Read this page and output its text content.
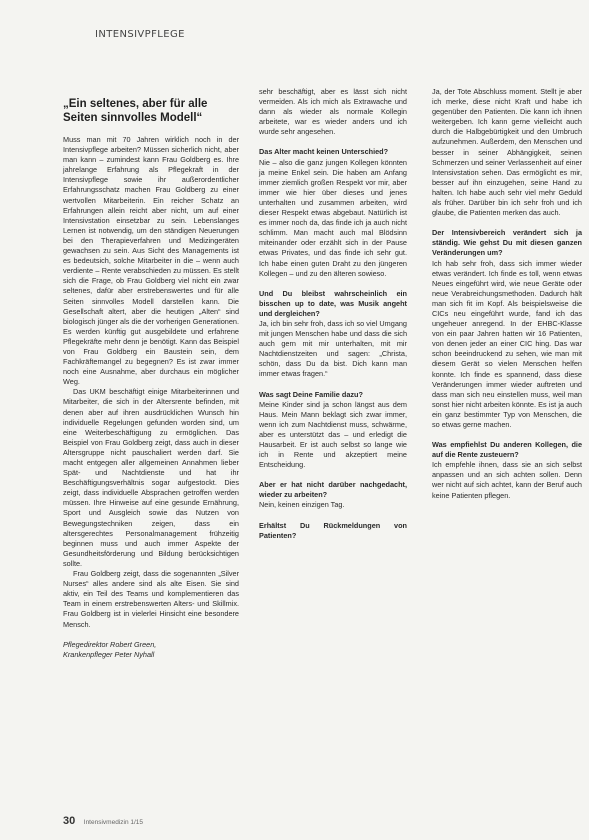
INTENSIVPFLEGE
„Ein seltenes, aber für alle Seiten sinnvolles Modell“

Muss man mit 70 Jahren wirklich noch in der Intensivpflege arbeiten? Müssen sicherlich nicht, aber man kann – zumindest kann Frau Goldberg es. Ihre jahrelange Erfahrung als Pflegekraft in der Intensivpflege sowie ihr außerordentlicher Erfahrungsschatz machen Frau Goldberg zu einer wertvollen Mitarbeiterin. Ein reicher Schatz an Erfahrungen allein reicht aber nicht, um auf einer Intensivstation einsetzbar zu sein. Lebenslanges Lernen ist notwendig, um den ständigen Neuerungen bei den Therapieverfahren und Medizingeräten gewachsen zu sein. Aus Sicht des Managements ist es bedeutsich, solche Mitarbeiter in die – wenn auch verdiente – Rente verabschieden zu müssen. Es stellt sich die Frage, ob Frau Goldberg viel nicht ein zwar seltenes, dafür aber erstrebenswertes und für alle Seiten sinnvolles Modell darstellen kann. Die Gesellschaft altert, aber die heutigen „Alten“ sind biologisch jünger als die der vorherigen Generationen. Es werden künftig gut ausgebildete und erfahrene Pflegekräfte mehr denn je benötigt. Kann das Beispiel von Frau Goldberg ein Baustein sein, dem Fachkräftemangel zu begegnen? Es ist zwar immer noch eine Ausnahme, aber durchaus ein möglicher Weg.

Das UKM beschäftigt einige Mitarbeiterinnen und Mitarbeiter, die sich in der Altersrente befinden, mit denen aber auf ihren ausdrücklichen Wunsch hin individuelle Regelungen gefunden worden sind, um eine Weiterbeschäftigung zu ermöglichen. Das Beispiel von Frau Goldberg zeigt, dass auch in dieser Altersgruppe nicht pauschaliert werden darf. Sie macht entgegen aller allgemeinen Annahmen lieber Spät- und Nachtdienste und hat ihr Beschäftigungsverhältnis sogar aufgestockt. Dies zeigt, dass individuelle Absprachen getroffen werden müssen. Ihre Hinweise auf eine gesunde Ernährung, Sport und Ausgleich sowie das Nutzen von Bewegungstechniken zeigen, dass ein altersgerechtes Personalmanagement frühzeitig beginnen muss und auch immer Aspekte der Gesundheitsförderung und Bildung berücksichtigen sollte.

Frau Goldberg zeigt, dass die sogenannten „Silver Nurses“ alles andere sind als alte Eisen. Sie sind aktiv, ein Teil des Teams und komplementieren das Team in einem erstrebenswerten Alters- und Skillmix. Frau Goldberg ist in vielerlei Hinsicht eine besondere Mensch.

Pflegedirektor Robert Green,
Krankenpfleger Peter Nyhall

sehr beschäftigt, aber es lässt sich nicht vermeiden. Als ich mich als Extrawache und dann als wieder als normale Kollegin arbeitete, war es wieder anders und ich wurde sehr angesehen.

Das Alter macht keinen Unterschied?

Nie – also die ganz jungen Kollegen könnten ja meine Enkel sein. Die haben am Anfang immer ziemlich großen Respekt vor mir, aber immer wie hier über dieses und jenes unterhalten und zusammen arbeiten, wird dieser Respekt etwas abgebaut. Natürlich ist es immer noch da, das finde ich ja auch nicht schlimm. Man macht auch mal Blödsinn miteinander oder erzählt sich in der Pause etwas Privates, und das finde ich sehr gut. Ich habe einen guten Draht zu den jüngeren Kollegen – und zu den älteren sowieso.

Und Du bleibst wahrscheinlich ein bisschen up to date, was Musik angeht und dergleichen?

Ja, ich bin sehr froh, dass ich so viel Umgang mit jungen Menschen habe und dass die sich auch gern mit mir unterhalten, mit mir Nachtdienstzeiten und sagen: „Christa, schön, dass Du da bist. Dich kann man immer etwas fragen.“

Was sagt Deine Familie dazu?

Meine Kinder sind ja schon längst aus dem Haus. Mein Mann beklagt sich zwar immer, wenn ich zum Nachtdienst muss, schwärme, aber es unterstützt das – und erledigt die Hausarbeit. Er ist auch selbst so lange wie ich in Rente und akzeptiert meine Entscheidung.

Aber er hat nicht darüber nachgedacht, wieder zu arbeiten?

Nein, keinen einzigen Tag.

Erhältst Du Rückmeldungen von Patienten?

Ja, der Tote Abschluss moment. Stellt je aber ich merke, diese nicht Kraft und habe ich gegenüber den Patienten. Die kann ich ihnen weitergeben. Ich kann gerne vielleicht auch durch die Halbgebürtigkeit und den Umbruch aufzunehmen. Außerdem, den Menschen und besser in seiner Abhängigkeit, seinen Schmerzen und seiner Verlassenheit auf einer Intensivstation sehen. Das ermöglicht es mir, besser auf ihn einzugehen, seine Hand zu halten. Ich habe auch sehr viel mehr Geduld als früher. Darüber bin ich sehr froh und ich glaube, die Patienten merken das auch.

Der Intensivbereich verändert sich ja ständig. Wie gehst Du mit diesen ganzen Veränderungen um?

Ich hab sehr froh, dass sich immer wieder etwas verändert. Ich finde es toll, wenn etwas Neues eingeführt wird, wie neue Geräte oder neue Verabreichungsmethoden. Dadurch hält man sich fit im Kopf. Als beispielsweise die CICs neu eingeführt wurde, fand ich das ungeheuer anregend. In der EHBC-Klasse von ein paar Jahren hatten wir 16 Patienten, von denen jeder an einer CIC hing. Das war schon beeindruckend zu sehen, wie man mit diesem Gerät so vielen Menschen helfen konnte. Ich finde es spannend, dass diese Veränderungen immer wieder auftreten und dass man sich neu einstellen muss, weil man sonst hier nicht arbeiten könnte. Es ist ja auch ein ganz bestimmter Typ von Menschen, die so etwas gerne machen.

Was empfiehlst Du anderen Kollegen, die auf die Rente zusteuern?

Ich empfehle ihnen, dass sie an sich selbst anpassen und an sich achten sollen. Denn wer nicht auf sich achtet, kann der Beruf auch keine Patienten pflegen.

30 Intensivmedizin 1/15
